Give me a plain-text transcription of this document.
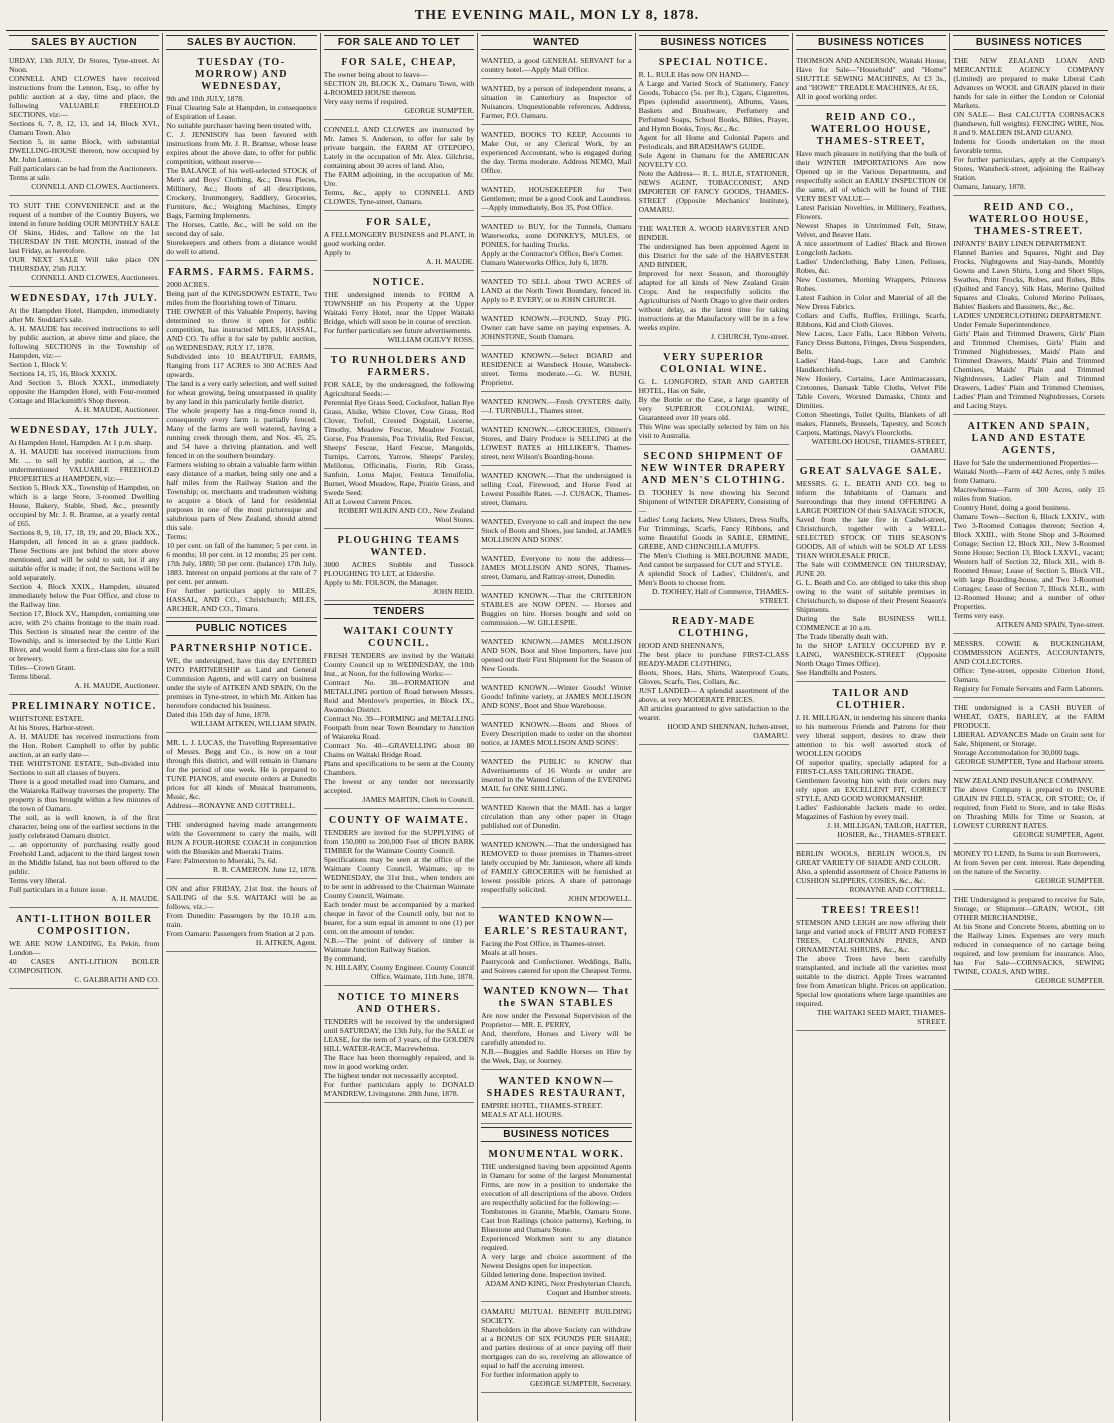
THE EVENING MAIL, MON LY 8, 1878.
SALES BY AUCTION

URDAY, 13th JULY, Dr Stores, Tyne-street. At Noon.

CONNELL AND CLOWES have received instructions from the Lennon, Esq., to offer by public auction at a day, time and place, the following VALUABLE FREEHOLD SECTIONS, viz:—

Sections 6, 7, 8, 12, 13, and 14, Block XVI., Oamaru Town. Also

Section 5, in same Block, with substantial DWELLING-HOUSE thereon, now occupied by Mr. John Lemon.

Full particulars can be had from the Auctioneers.

Terms at sale.

CONNELL AND CLOWES, Auctioneers.

TO SUIT THE CONVENIENCE and at the request of a number of the Country Buyers, we intend in future holding OUR MONTHLY SALE Of Skins, Hides, and Tallow on the 1st THURSDAY IN THE MONTH, instead of the last Friday, as heretofore.

OUR NEXT SALE Will take place ON THURSDAY, 25th JULY.

CONNELL AND CLOWES, Auctioneers.
WEDNESDAY, 17th JULY.

At the Hampden Hotel, Hampden, immediately after Mr. Stoddart's sale.

A. H. MAUDE has received instructions to sell by public auction, at above time and place, the following SECTIONS in the Township of Hampden, viz:—

Section 1, Block V.

Sections 14, 15, 16, Block XXXIX.

And Section 5, Block XXXI., immediately opposite the Hampden Hotel, with Four-roomed Cottage and Blacksmith's Shop thereon.

A. H. MAUDE, Auctioneer.
WEDNESDAY, 17th JULY.

At Hampden Hotel, Hampden. At 1 p.m. sharp.

A. H. MAUDE has received instructions from Mr. ... to sell by public auction, at ... the undermentioned VALUABLE FREEHOLD PROPERTIES at HAMPDEN, viz:—

Section 5, Block XX., Township of Hampden, on which is a large Store, 3-roomed Dwelling House, Bakery, Stable, Shed, &c., presently occupied by Mr. J. R. Bramse, at a yearly rental of £65.

Sections 8, 9, 10, 17, 18, 19, and 20, Block XX., Hampden, all fenced in as a grass paddock. These Sections are just behind the store above mentioned, and will be sold to suit, lot if any suitable offer is made; if not, the Sections will be sold separately.

Section 4, Block XXIX., Hampden, situated immediately below the Post Office, and close to the Railway line.

Section 17, Block XV., Hampden, containing one acre, with 2½ chains frontage to the main road. This Section is situated near the centre of the Township, and is intersected by the Little Kuri River, and would form a first-class site for a mill or brewery.

Titles—Crown Grant.

Terms liberal.

A. H. MAUDE, Auctioneer.
PRELIMINARY NOTICE.

WHITSTONE ESTATE.

At his Stores, Harbor-street.

A. H. MAUDE has received instructions from the Hon. Robert Campbell to offer by public auction, at an early date—

THE WHITSTONE ESTATE, Sub-divided into Sections to suit all classes of buyers.

There is a good metalled road into Oamaru, and the Waiareka Railway traverses the property. The property is thus brought within a few minutes of the town of Oamaru.

The soil, as is well known, is of the first character, being one of the earliest sections in the justly celebrated Oamaru district.

... an opportunity of purchasing really good Freehold Land, adjacent to the third largest town in the Middle Island, has not been offered to the public.

Terms very liberal.

Full particulars in a future issue.

A. H. MAUDE.
ANTI-LITHON BOILER COMPOSITION.

WE ARE NOW LANDING, Ex Pekin, from London—

40 CASES ANTI-LITHON BOILER COMPOSITION.

C. GALBRAITH AND CO.
SALES BY AUCTION.
TUESDAY (TO-MORROW) AND WEDNESDAY,

9th and 10th JULY, 1878.

Final Clearing Sale at Hampden, in consequence of Expiration of Lease.

No suitable purchaser having been treated with,

C. J. JENNISON has been favored with instructions from Mr. J. R. Bramse, whose lease expires about the above date, to offer for public competition, without reserve—

The BALANCE of his well-selected STOCK of Men's and Boys' Clothing, &c.; Dress Pieces, Millinery, &c.; Boots of all descriptions, Crockery, Ironmongery, Saddlery, Groceries, Furniture, &c.; Weighing Machines, Empty Bags, Farming Implements.

The Horses, Cattle, &c., will be sold on the second day of sale.

Storekeepers and others from a distance would do well to attend.

FARMS. FARMS. FARMS.

2000 ACRES.

Being part of the KINGSDOWN ESTATE, Two miles from the flourishing town of Timaru.

THE OWNER of this Valuable Property, having determined to throw it open for public competition, has instructed MILES, HASSAL, AND CO. To offer it for sale by public auction, on WEDNESDAY, JULY 17, 1878.

Subdivided into 10 BEAUTIFUL FARMS, Ranging from 117 ACRES to 300 ACRES And upwards.

The land is a very early selection, and well suited for wheat growing, being unsurpassed in quality by any land in this particularly fertile district.

The whole property has a ring-fence round it, consequently every farm is partially fenced. Many of the farms are well watered, having a running creek through them, and Nos. 45, 25, and 54 have a thriving plantation, and well fenced in on the southern boundary.

Farmers wishing to obtain a valuable farm within easy distance of a market, being only one and a half miles from the Railway Station and the Township; or, merchants and tradesmen wishing to acquire a block of land for residential purposes in one of the most picturesque and salubrious parts of New Zealand, should attend this sale.

Terms:

10 per cent. on fall of the hammer; 5 per cent. in 6 months; 10 per cent. in 12 months; 25 per cent. 17th July, 1880; 50 per cent. (balance) 17th July, 1883. Interest on unpaid portions at the rate of 7 per cent. per annum.

For further particulars apply to MILES, HASSAL, AND CO., Christchurch; MILES, ARCHER, AND CO., Timaru.

PUBLIC NOTICES
PARTNERSHIP NOTICE.

WE, the undersigned, have this day ENTERED INTO PARTNERSHIP as Land and General Commission Agents, and will carry on business under the style of AITKEN AND SPAIN, On the premises in Tyne-street, in which Mr. Aitken has heretofore conducted his business.

Dated this 15th day of June, 1878.

WILLIAM AITKEN, WILLIAM SPAIN.

MR. L. J. LUCAS, the Travelling Representative of Messrs. Begg and Co., is now on a tour through this district, and will remain in Oamaru for the period of one week. He is prepared to TUNE PIANOS, and execute orders at Dunedin prices for all kinds of Musical Instruments, Music, &c.

Address—RONAYNE AND COTTRELL.

THE undersigned having made arrangements with the Government to carry the mails, will RUN A FOUR-HORSE COACH in conjunction with the Blueskin and Moeraki Trains.

Fare: Palmerston to Moeraki, 7s. 6d.

R. R. CAMERON. June 12, 1878.

ON and after FRIDAY, 21st Inst. the hours of SAILING of the S.S. WAITAKI will be as follows, viz.:—

From Dunedin: Passengers by the 10.10 a.m. train.

From Oamaru: Passengers from Station at 2 p.m.

H. AITKEN, Agent.
FOR SALE AND TO LET
FOR SALE, CHEAP,

The owner being about to leave—

SECTION 28, BLOCK X., Oamaru Town, with 4-ROOMED HOUSE thereon.

Very easy terms if required.

GEORGE SUMPTER.

CONNELL AND CLOWES are instructed by Mr. James S. Anderson, to offer for sale by private bargain, the FARM AT OTEPOPO, Lately in the occupation of Mr. Alex. Gilchrist, containing about 30 acres of land. Also,

The FARM adjoining, in the occupation of Mr. Ure.

Terms, &c., apply to CONNELL AND CLOWES, Tyne-street, Oamaru.

FOR SALE,

A FELLMONGERY BUSINESS and PLANT, in good working order.

Apply to

A. H. MAUDE.
NOTICE.

THE undersigned intends to FORM A TOWNSHIP on his Property at the Upper Waitaki Ferry Hotel, near the Upper Waitaki Bridge, which will soon be in course of erection.

For further particulars see future advertisements.

WILLIAM OGILVY ROSS.
TO RUNHOLDERS AND FARMERS.

FOR SALE, by the undersigned, the following Agricultural Seeds:—

Perennial Rye Grass Seed, Cocksfoot, Italian Rye Grass, Alsike, White Clover, Cow Grass, Red Clover, Trefoil, Crested Dogstail, Lucerne, Timothy, Meadow Fescue, Meadow Foxtail, Gorse, Poa Pratensis, Poa Trivialis, Red Fescue, Sheeps' Fescue, Hard Fescue, Mangolds, Turnips, Carrots, Yarrow, Sheeps' Parsley, Melilotus, Officinalis, Fiorin, Rib Grass, Sanfoin, Lotus Major, Festuca Tenuifolia, Burnet, Wood Meadow, Rape, Prairie Grass, and Swede Seed.

All at Lowest Current Prices.

ROBERT WILKIN AND CO., New Zealand Wool Stores.
PLOUGHING TEAMS WANTED.

3000 ACRES Stubble and Tussock PLOUGHING TO LET, at Elderslie.

Apply to Mr. FOLSON, the Manager.

JOHN REID.
TENDERS
WAITAKI COUNTY COUNCIL.

FRESH TENDERS are invited by the Waitaki County Council up to WEDNESDAY, the 10th Inst., at Noon, for the following Works:—

Contract No. 38—FORMATION and METALLING portion of Road between Messrs. Reid and Menlove's properties, in Block IX., Awamoko District.

Contract No. 39—FORMING and METALLING Footpath from near Town Boundary to Junction of Waiareka Road.

Contract No. 40—GRAVELLING about 80 Chains on Waitaki Bridge Road.

Plans and specifications to be seen at the County Chambers.

The lowest or any tender not necessarily accepted.

JAMES MARTIN, Clerk to Council.
COUNTY OF WAIMATE.

TENDERS are invited for the SUPPLYING of from 150,000 to 200,000 Feet of IRON BARK TIMBER for the Waimate County Council.

Specifications may be seen at the office of the Waimate County Council, Waimate, up to WEDNESDAY, the 31st Inst., when tenders are to be sent in addressed to the Chairman Waimate County Council, Waimate.

Each tender must be accompanied by a marked cheque in favor of the Council only, but not to bearer, for a sum equal in amount to one (1) per cent. on the amount of tender.

N.B.—The point of delivery of timber is Waimate Junction Railway Station.

By command,

N. HILLARY, County Engineer. County Council Office, Waimate, 11th June, 1878.
NOTICE TO MINERS AND OTHERS.

TENDERS will be received by the undersigned until SATURDAY, the 13th July, for the SALE or LEASE, for the term of 3 years, of the GOLDEN HILL WATER-RACE, Macrewhenua.

The Race has been thoroughly repaired, and is now in good working order.

The highest tender not necessarily accepted.

For further particulars apply to DONALD M'ANDREW, Livingstone. 28th June, 1878.

WANTED

WANTED, a good GENERAL SERVANT for a country hotel.—Apply Mail Office.

WANTED, by a person of independent means, a situation in Canterbury as Inspector of Nuisances. Unquestionable references. Address, Farmer, P.O. Oamaru.

WANTED, BOOKS TO KEEP, Accounts to Make Out, or any Clerical Work, by an experienced Accountant, who is engaged during the day. Terms moderate. Address NEMO, Mail Office.

WANTED, HOUSEKEEPER for Two Gentlemen; must be a good Cook and Laundress.—Apply immediately, Box 35, Post Office.

WANTED to BUY, for the Tunnels, Oamaru Waterworks, some DONKEYS, MULES, or PONIES, for hauling Trucks.

Apply at the Contractor's Office, Bee's Corner.

Oamaru Waterworks Office, July 6, 1878.

WANTED TO SELL about TWO ACRES of LAND at the North Town Boundary, fenced in. Apply to P. EVERY; or to JOHN CHURCH.

WANTED KNOWN.—FOUND, Stray PIG. Owner can have same on paying expenses. A. JOHNSTONE, South Oamaru.

WANTED KNOWN.—Select BOARD and RESIDENCE at Wansbeck House, Wansbeck-street. Terms moderate.—G. W. BUSH, Proprietor.

WANTED KNOWN.—Fresh OYSTERS daily.—J. TURNBULL, Thames street.

WANTED KNOWN.—GROCERIES, Oilmen's Stores, and Dairy Produce is SELLING at the LOWEST RATES at HILLIKER'S, Thames-street, next Wilson's Boarding-house.

WANTED KNOWN.—That the undersigned is selling Coal, Firewood, and Horse Feed at Lowest Possible Rates. —J. CUSACK, Thames-street, Oamaru.

WANTED, Everyone to call and inspect the new Stock of Boots and Shoes, just landed, at JAMES MOLLISON AND SONS'.

WANTED, Everyone to note the address—JAMES MOLLISON AND SONS, Thames-street, Oamaru, and Rattray-street, Dunedin.

WANTED KNOWN.—That the CRITERION STABLES are NOW OPEN. — Horses and Buggies on hire. Horses bought and sold on commission.—W. GILLESPIE.

WANTED KNOWN.—JAMES MOLLISON AND SON, Boot and Shoe Importers, have just opened out their First Shipment for the Season of New Goods.

WANTED KNOWN.—Winter Goods! Winter Goods! Infinite variety, at JAMES MOLLISON AND SONS', Boot and Shoe Warehouse.

WANTED KNOWN.—Boots and Shoes of Every Description made to order on the shortest notice, at JAMES MOLLISON AND SONS'.

WANTED the PUBLIC to KNOW that Advertisements of 16 Words or under are inserted in the Wanted Column of the EVENING MAIL for ONE SHILLING.

WANTED Known that the MAIL has a larger circulation than any other paper in Otago published out of Dunedin.

WANTED KNOWN.—That the undersigned has REMOVED to those premises in Thames-street lately occupied by Mr. Jamieson, where all kinds of FAMILY GROCERIES will be furnished at lowest possible prices. A share of patronage respectfully solicited.

JOHN M'DOWELL.
WANTED KNOWN— EARLE'S RESTAURANT,

Facing the Post Office, in Thames-street.

Meals at all hours.

Pastrycook and Confectioner. Weddings, Balls, and Soirees catered for upon the Cheapest Terms.

WANTED KNOWN— That the SWAN STABLES

Are now under the Personal Supervision of the Proprietor— MR. E. PERRY,

And, therefore, Horses and Livery will be carefully attended to.

N.B.—Buggies and Saddle Horses on Hire by the Week, Day, or Journey.

WANTED KNOWN— SHADES RESTAURANT,

EMPIRE HOTEL, THAMES-STREET.

MEALS AT ALL HOURS.

BUSINESS NOTICES
MONUMENTAL WORK.

THE undersigned having been appointed Agents in Oamaru for some of the largest Monumental Firms, are now in a position to undertake the execution of all descriptions of the above. Orders are respectfully solicited for the following:—

Tombstones in Granite, Marble, Oamaru Stone. Cast Iron Railings (choice patterns), Kerbing, in Bluestone and Oamaru Stone.

Experienced Workmen sent to any distance required.

A very large and choice assortment of the Newest Designs open for inspection.

Gilded lettering done. Inspection invited.

ADAM AND KING, Next Presbyterian Church, Coquet and Humber streets.

OAMARU MUTUAL BENEFIT BUILDING SOCIETY.

Shareholders in the above Society can withdraw at a BONUS OF SIX POUNDS PER SHARE; and parties desirous of at once paying off their mortgages can do so, receiving an allowance of equal to half the accruing interest.

For further information apply to

GEORGE SUMPTER, Secretary.
BUSINESS NOTICES
SPECIAL NOTICE.

R. L. RULE Has now ON HAND—

A Large and Varied Stock of Stationery, Fancy Goods, Tobacco (5s. per lb.), Cigars, Cigarettes, Pipes (splendid assortment), Albums, Vases, Baskets and Brushware, Perfumery and Perfumed Soaps, School Books, Bibles, Prayer, and Hymn Books, Toys, &c., &c.

Agent for all Home and Colonial Papers and Periodicals, and BRADSHAW'S GUIDE.

Sole Agent in Oamaru for the AMERICAN NOVELTY CO.

Note the Address— R. L. RULE, STATIONER, NEWS AGENT, TOBACCONIST, AND IMPORTER OF FANCY GOODS, THAMES-STREET (Opposite Mechanics' Institute), OAMARU.

THE WALTER A. WOOD HARVESTER AND BINDER.

The undersigned has been appointed Agent in this District for the sale of the HARVESTER AND BINDER,

Improved for next Season, and thoroughly adapted for all kinds of New Zealand Grain Crops. And he respectfully solicits the Agriculturists of North Otago to give their orders without delay, as the latest time for taking instructions at the Manufactory will be in a few weeks expire.

J. CHURCH, Tyne-street.
VERY SUPERIOR COLONIAL WINE.

G. L. LONGFORD, STAR AND GARTER HOTEL, Has on Sale,

By the Bottle or the Case, a large quantity of very SUPERIOR COLONIAL WINE, Guaranteed over 10 years old.

This Wine was specially selected by him on his visit to Australia.

SECOND SHIPMENT OF NEW WINTER DRAPERY AND MEN'S CLOTHING.

D. TOOHEY Is now showing his Second Shipment of WINTER DRAPERY, Consisting of—

Ladies' Long Jackets, New Ulsters, Dress Stuffs, Fur Trimmings, Scarfs, Fancy Ribbons, and some Beautiful Goods in SABLE, ERMINE, GREBE, AND CHINCHILLA MUFFS.

The Men's Clothing is MELBOURNE MADE, And cannot be surpassed for CUT and STYLE.

A splendid Stock of Ladies', Children's, and Men's Boots to choose from.

D. TOOHEY, Hall of Commerce, THAMES-STREET.
READY-MADE CLOTHING,

HOOD AND SHENNAN'S,

The best place to purchase FIRST-CLASS READY-MADE CLOTHING,

Boots, Shoes, Hats, Shirts, Waterproof Coats, Gloves, Scarfs, Ties, Collars, &c.

JUST LANDED— A splendid assortment of the above, at very MODERATE PRICES.

All articles guaranteed to give satisfaction to the wearer.

HOOD AND SHENNAN, Itchen-street, OAMARU.
BUSINESS NOTICES

THOMSON AND ANDERSON, Waitaki House, Have for Sale—"Household" and "Home" SHUTTLE SEWING MACHINES, At £3 3s., and "HOWE" TREADLE MACHINES, At £6,

All in good working order.

REID AND CO., WATERLOO HOUSE, THAMES-STREET,

Have much pleasure in notifying that the bulk of their WINTER IMPORTATIONS Are now Opened up in the Various Departments, and respectfully solicit an EARLY INSPECTION Of the same, all of which will be found of THE VERY BEST VALUE—

Latest Parisian Novelties, in Millinery, Feathers, Flowers.

Newest Shapes in Untrimmed Felt, Straw, Velvet, and Beaver Hats.

A nice assortment of Ladies' Black and Brown Longcloth Jackets.

Ladies' Underclothing, Baby Linen, Pelisses, Robes, &c.

New Costumes, Morning Wrappers, Princess Robes.

Latest Fashion in Color and Material of all the New Dress Fabrics.

Collars and Cuffs, Ruffles, Frillings, Scarfs, Ribbons, Kid and Cloth Gloves.

New Laces, Lace Falls, Lace Ribbon Velvets, Fancy Dress Buttons, Fringes, Dress Suspenders, Belts.

Ladies' Hand-bags, Lace and Cambric Handkerchiefs.

New Hosiery, Curtains, Lace Antimacassars, Cretonnes, Damask Table Cloths, Velvet Pile Table Covers, Worsted Damasks, Chintz and Dimities.

Cotton Sheetings, Toilet Quilts, Blankets of all makes, Flannels, Brussels, Tapestry, and Scotch Carpets, Mattings, Navy's Floorcloths.

WATERLOO HOUSE, THAMES-STREET, OAMARU.
GREAT SALVAGE SALE.

MESSRS. G. L. BEATH AND CO. beg to inform the Inhabitants of Oamaru and Surroundings that they intend OFFERING A LARGE PORTION Of their SALVAGE STOCK,

Saved from the late fire in Cashel-street, Christchurch, together with a WELL-SELECTED STOCK OF THIS SEASON'S GOODS, All of which will be SOLD AT LESS THAN WHOLESALE PRICE.

The Sale will COMMENCE ON THURSDAY, JUNE 20.

G. L. Beath and Co. are obliged to take this shop owing to the want of suitable premises in Christchurch, to dispose of their Present Season's Shipments.

During the Sale BUSINESS WILL COMMENCE at 10 a.m.

The Trade liberally dealt with.

In the SHOP LATELY OCCUPIED BY P. LAING, WANSBECK-STREET (Opposite North Otago Times Office).

See Handbills and Posters.

TAILOR AND CLOTHIER.

J. H. MILLIGAN, in tendering his sincere thanks to his numerous Friends and Patrons for their very liberal support, desires to draw their attention to his well assorted stock of WOOLLEN GOODS

Of superior quality, specially adapted for a FIRST-CLASS TAILORING TRADE.

Gentlemen favoring him with their orders may rely upon an EXCELLENT FIT, CORRECT STYLE, AND GOOD WORKMANSHIP.

Ladies' Fashionable Jackets made to order. Magazines of Fashion by every mail.

J. H. MILLIGAN, TAILOR, HATTER, HOSIER, &c., THAMES-STREET.

BERLIN WOOLS, BERLIN WOOLS, IN GREAT VARIETY OF SHADE AND COLOR.

Also, a splendid assortment of Choice Patterns in CUSHION SLIPPERS, COSIES, &c., &c.

RONAYNE AND COTTRELL.
TREES! TREES!!

STEMSON AND LEIGH are now offering their large and varied stock of FRUIT AND FOREST TREES, CALIFORNIAN PINES, AND ORNAMENTAL SHRUBS, &c., &c.

The above Trees have been carefully transplanted, and include all the varieties most suitable to the district. Apple Trees warranted free from American blight. Prices on application. Special low quotations where large quantities are required.

THE WAITAKI SEED MART, THAMES-STREET.
BUSINESS NOTICES

THE NEW ZEALAND LOAN AND MERCANTILE AGENCY COMPANY (Limited) are prepared to make Liberal Cash Advances on WOOL and GRAIN placed in their hands for sale in either the London or Colonial Markets.

ON SALE— Best CALCUTTA CORNSACKS (handsewn, full weights). FENCING WIRE, Nos. 8 and 9. MALDEN ISLAND GUANO.

Indents for Goods undertaken on the most favorable terms.

For further particulars, apply at the Company's Stores, Wansbeck-street, adjoining the Railway Station.

Oamaru, January, 1878.

REID AND CO., WATERLOO HOUSE, THAMES-STREET.

INFANTS' BABY LINEN DEPARTMENT.

Flannel Barries and Squares, Night and Day Frocks, Nightgowns and Stay-bands, Monthly Gowns and Lawn Shirts, Long and Short Slips, Swathes, Print Frocks, Robes, and Robes, Bibs (Quilted and Fancy), Silk Hats, Merino Quilted Squares and Cloaks, Colored Merino Pelisses, Babies' Baskets and Bassinets, &c., &c.

LADIES' UNDERCLOTHING DEPARTMENT.

Under Female Superintendence.

Girls' Plain and Trimmed Drawers, Girls' Plain and Trimmed Chemises, Girls' Plain and Trimmed Nightdresses, Maids' Plain and Trimmed Drawers, Maids' Plain and Trimmed Chemises, Maids' Plain and Trimmed Nightdresses, Ladies' Plain and Trimmed Drawers, Ladies' Plain and Trimmed Chemises, Ladies' Plain and Trimmed Nightdresses, Corsets and Lacing Stays.

AITKEN AND SPAIN, LAND AND ESTATE AGENTS,

Have for Sale the undermentioned Properties—

Waitaki North—Farm of 442 Acres, only 5 miles from Oamaru.

Macrewhenua—Farm of 300 Acres, only 15 miles from Station.

Country Hotel, doing a good business.

Oamaru Town—Section 6, Block LXXIV., with Two 3-Roomed Cottages thereon; Section 4, Block XXIII., with Stone Shop and 3-Roomed Cottage; Section 12, Block XII., New 3-Roomed Stone House; Section 13, Block LXXVI., vacant; Western half of Section 32, Block XII., with 8-Roomed House; Lease of Section 5, Block VII., with large Boarding-house, and Two 3-Roomed Cottages; Lease of Section 7, Block XLII., with 12-Roomed House; and a number of other Properties.

Terms very easy.

AITKEN AND SPAIN, Tyne-street.

MESSRS. COWIE & BUCKINGHAM, COMMISSION AGENTS, ACCOUNTANTS, AND COLLECTORS.

Office: Tyne-street, opposite Criterion Hotel, Oamaru.

Registry for Female Servants and Farm Laborers.

THE undersigned is a CASH BUYER of WHEAT, OATS, BARLEY, at the FARM PRODUCE.

LIBERAL ADVANCES Made on Grain sent for Sale, Shipment, or Storage.

Storage Accommodation for 30,000 bags.

GEORGE SUMPTER, Tyne and Harbour streets.

NEW ZEALAND INSURANCE COMPANY.

The above Company is prepared to INSURE GRAIN IN FIELD, STACK, OR STORE; Or, if required, from Field to Store, and to take Risks on Thrashing Mills for Time or Season, at LOWEST CURRENT RATES.

GEORGE SUMPTER, Agent.

MONEY TO LEND, In Sums to suit Borrowers,

At from Seven per cent. interest. Rate depending on the nature of the Security.

GEORGE SUMPTER.

THE Undersigned is prepared to receive for Sale, Storage, or Shipment—GRAIN, WOOL, OR OTHER MERCHANDISE,

At his Stone and Concrete Stores, abutting on to the Railway Lines. Expenses are very much reduced in consequence of no cartage being required, and low premium for insurance. Also, has For Sale—CORNSACKS, SEWING TWINE, COALS, AND WIRE.

GEORGE SUMPTER.
